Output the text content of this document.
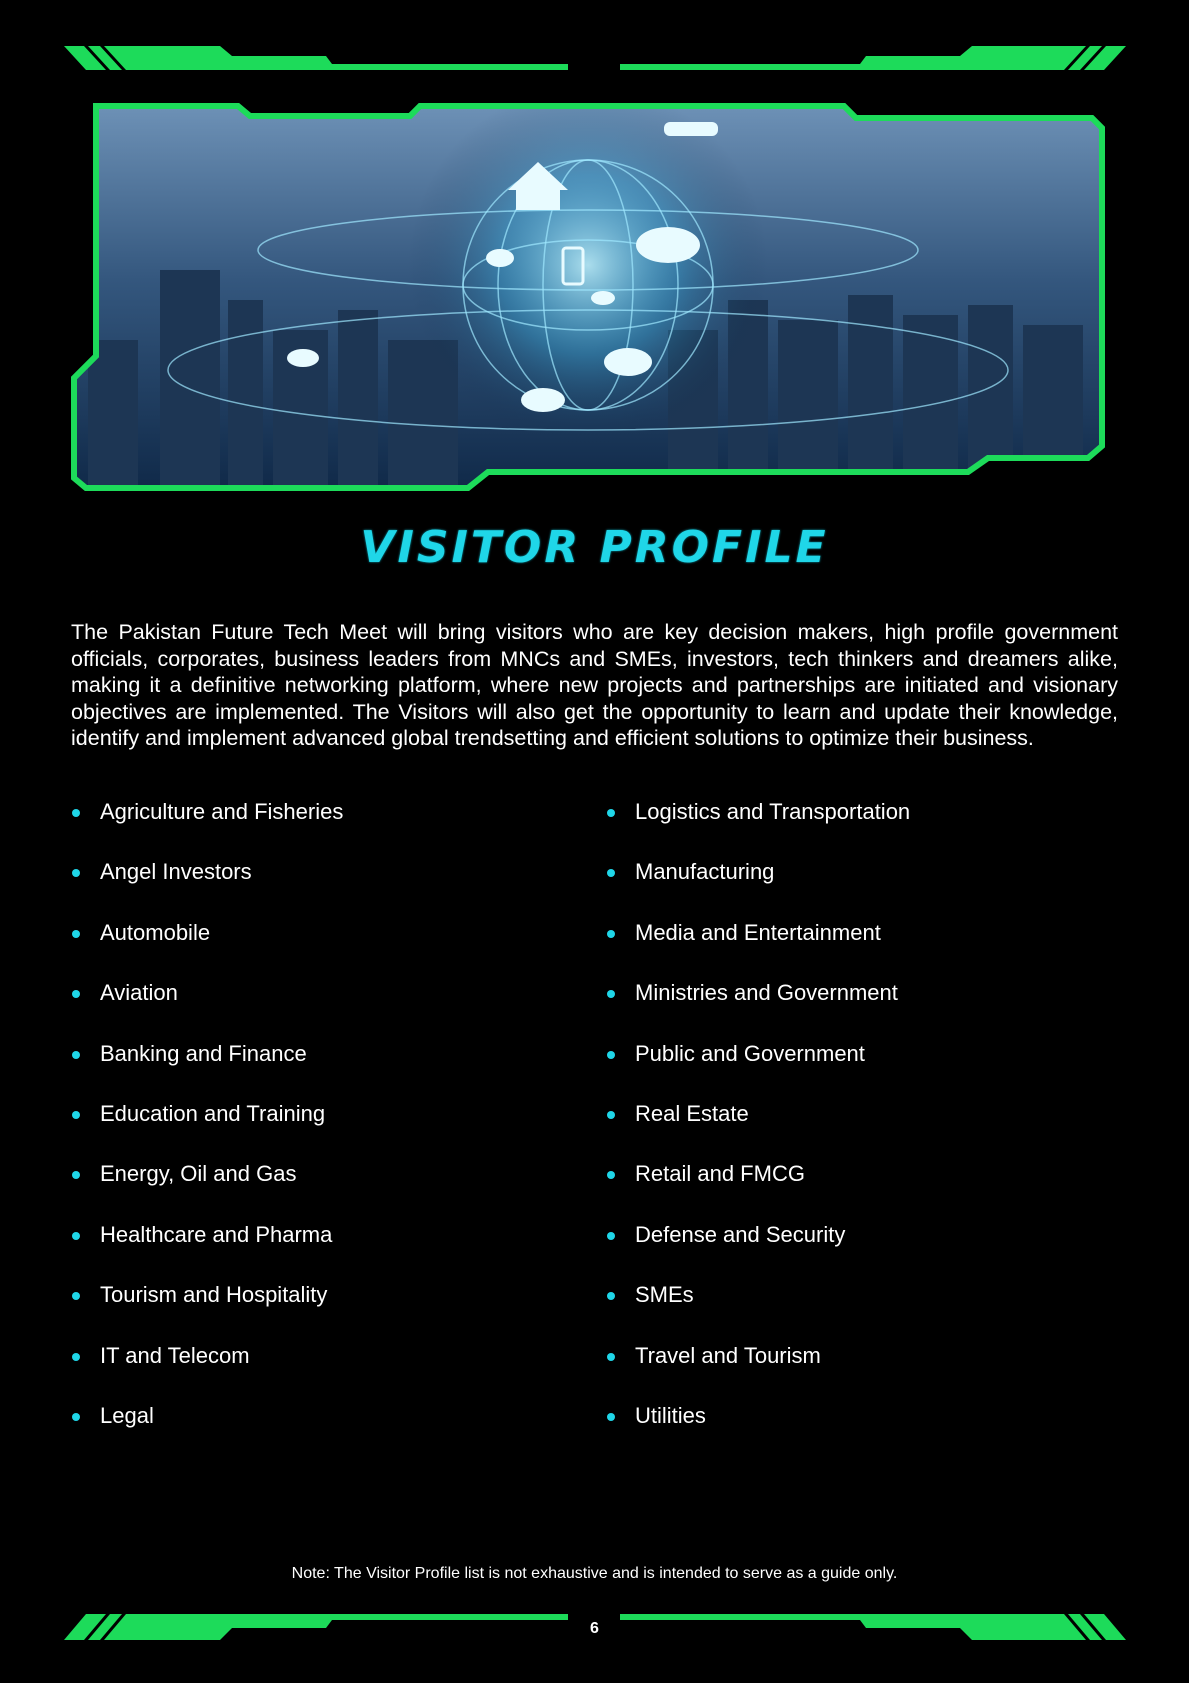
VISITOR PROFILE
The Pakistan Future Tech Meet will bring visitors who are key decision makers, high profile government officials, corporates, business leaders from MNCs and SMEs, investors, tech thinkers and dreamers alike, making it a definitive networking platform, where new projects and partnerships are initiated and visionary objectives are implemented. The Visitors will also get the opportunity to learn and update their knowledge, identify and implement advanced global trendsetting and efficient solutions to optimize their business.
Agriculture and Fisheries
Angel Investors
Automobile
Aviation
Banking and Finance
Education and Training
Energy, Oil and Gas
Healthcare and Pharma
Tourism and Hospitality
IT and Telecom
Legal
Logistics and Transportation
Manufacturing
Media and Entertainment
Ministries and Government
Public and Government
Real Estate
Retail and FMCG
Defense and Security
SMEs
Travel and Tourism
Utilities
Note: The Visitor Profile list is not exhaustive and is intended to serve as a guide only.
6
